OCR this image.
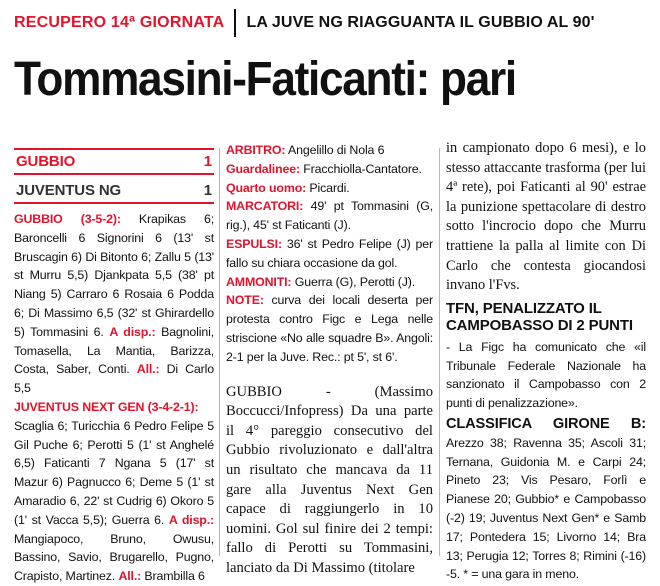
RECUPERO 14ª GIORNATA LA JUVE NG RIAGGUANTA IL GUBBIO AL 90'
Tommasini-Faticanti: pari
GUBBIO	1
JUVENTUS NG	1
GUBBIO (3-5-2): Krapikas 6; Baroncelli 6 Signorini 6 (13' st Bruscagin 6) Di Bitonto 6; Zallu 5 (13' st Murru 5,5) Djankpata 5,5 (38' pt Niang 5) Carraro 6 Rosaia 6 Podda 6; Di Massimo 6,5 (32' st Ghirardello 5) Tommasini 6. A disp.: Bagnolini, Tomasella, La Mantia, Barizza, Costa, Saber, Conti. All.: Di Carlo 5,5
JUVENTUS NEXT GEN (3-4-2-1):
Scaglia 6; Turicchia 6 Pedro Felipe 5 Gil Puche 6; Perotti 5 (1' st Anghelé 6,5) Faticanti 7 Ngana 5 (17' st Mazur 6) Pagnucco 6; Deme 5 (1' st Amaradio 6, 22' st Cudrig 6) Okoro 5 (1' st Vacca 5,5); Guerra 6. A disp.: Mangiapoco, Bruno, Owusu, Bassino, Savio, Brugarello, Pugno, Crapisto, Martinez. All.: Brambilla 6
ARBITRO: Angelillo di Nola 6
Guardalinee: Fracchiolla-Cantatore.
Quarto uomo: Picardi.
MARCATORI: 49' pt Tommasini (G, rig.), 45' st Faticanti (J).
ESPULSI: 36' st Pedro Felipe (J) per fallo su chiara occasione da gol.
AMMONITI: Guerra (G), Perotti (J).
NOTE: curva dei locali deserta per protesta contro Figc e Lega nelle striscione «No alle squadre B». Angoli: 2-1 per la Juve. Rec.: pt 5', st 6'.
GUBBIO - (Massimo Boccucci/Infopress) Da una parte il 4° pareggio consecutivo del Gubbio rivoluzionato e dall'altra un risultato che mancava da 11 gare alla Juventus Next Gen capace di raggiungerlo in 10 uomini. Gol sul finire dei 2 tempi: fallo di Perotti su Tommasini, lanciato da Di Massimo (titolare
in campionato dopo 6 mesi), e lo stesso attaccante trasforma (per lui 4ª rete), poi Faticanti al 90' estrae la punizione spettacolare di destro sotto l'incrocio dopo che Murru trattiene la palla al limite con Di Carlo che contesta giocandosi invano l'Fvs.
TFN, PENALIZZATO IL CAMPOBASSO DI 2 PUNTI
- La Figc ha comunicato che «il Tribunale Federale Nazionale ha sanzionato il Campobasso con 2 punti di penalizzazione».
CLASSIFICA GIRONE B: Arezzo 38; Ravenna 35; Ascoli 31; Ternana, Guidonia M. e Carpi 24; Pineto 23; Vis Pesaro, Forlì e Pianese 20; Gubbio* e Campobasso (-2) 19; Juventus Next Gen* e Samb 17; Pontedera 15; Livorno 14; Bra 13; Perugia 12; Torres 8; Rimini (-16) -5. * = una gara in meno.
